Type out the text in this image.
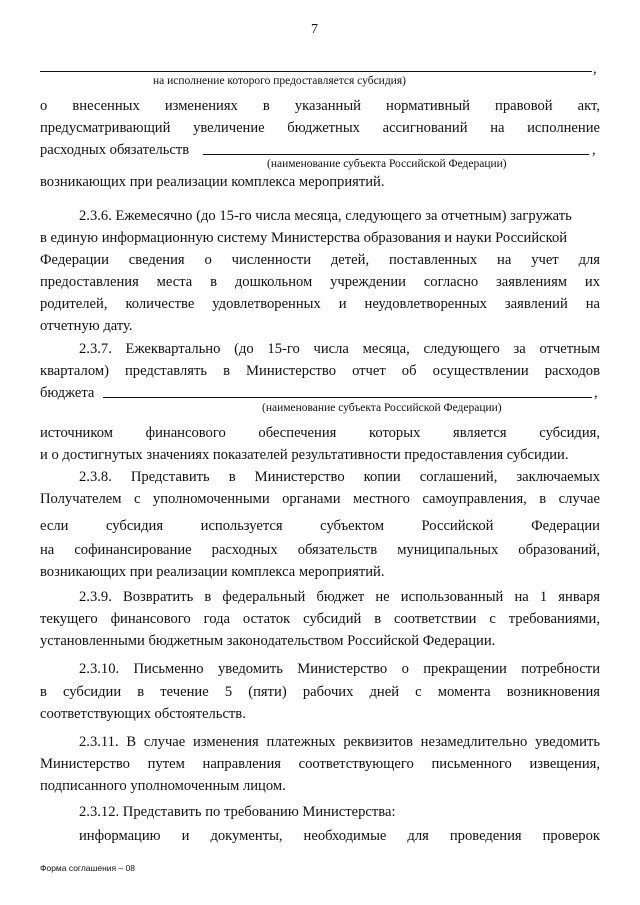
7
,
на исполнение которого предоставляется субсидия)
о внесенных изменениях в указанный нормативный правовой акт,
предусматривающий увеличение бюджетных ассигнований на исполнение
расходных обязательств	,
(наименование субъекта Российской Федерации)
возникающих при реализации комплекса мероприятий.
2.3.6. Ежемесячно (до 15-го числа месяца, следующего за отчетным) загружать
в единую информационную систему Министерства образования и науки Российской
Федерации сведения о численности детей, поставленных на учет для
предоставления места в дошкольном учреждении согласно заявлениям их
родителей, количестве удовлетворенных и неудовлетворенных заявлений на
отчетную дату.
2.3.7. Ежеквартально (до 15-го числа месяца, следующего за отчетным
кварталом) представлять в Министерство отчет об осуществлении расходов
бюджета	,
(наименование субъекта Российской Федерации)
источником финансового обеспечения которых является субсидия,
и о достигнутых значениях показателей результативности предоставления субсидии.
2.3.8. Представить в Министерство копии соглашений, заключаемых
Получателем с уполномоченными органами местного самоуправления, в случае
если субсидия используется субъектом Российской Федерации
на софинансирование расходных обязательств муниципальных образований,
возникающих при реализации комплекса мероприятий.
2.3.9. Возвратить в федеральный бюджет не использованный на 1 января
текущего финансового года остаток субсидий в соответствии с требованиями,
установленными бюджетным законодательством Российской Федерации.
2.3.10. Письменно уведомить Министерство о прекращении потребности
в субсидии в течение 5 (пяти) рабочих дней с момента возникновения
соответствующих обстоятельств.
2.3.11. В случае изменения платежных реквизитов незамедлительно уведомить
Министерство путем направления соответствующего письменного извещения,
подписанного уполномоченным лицом.
2.3.12. Представить по требованию Министерства:
информацию и документы, необходимые для проведения проверок
Форма соглашения – 08
